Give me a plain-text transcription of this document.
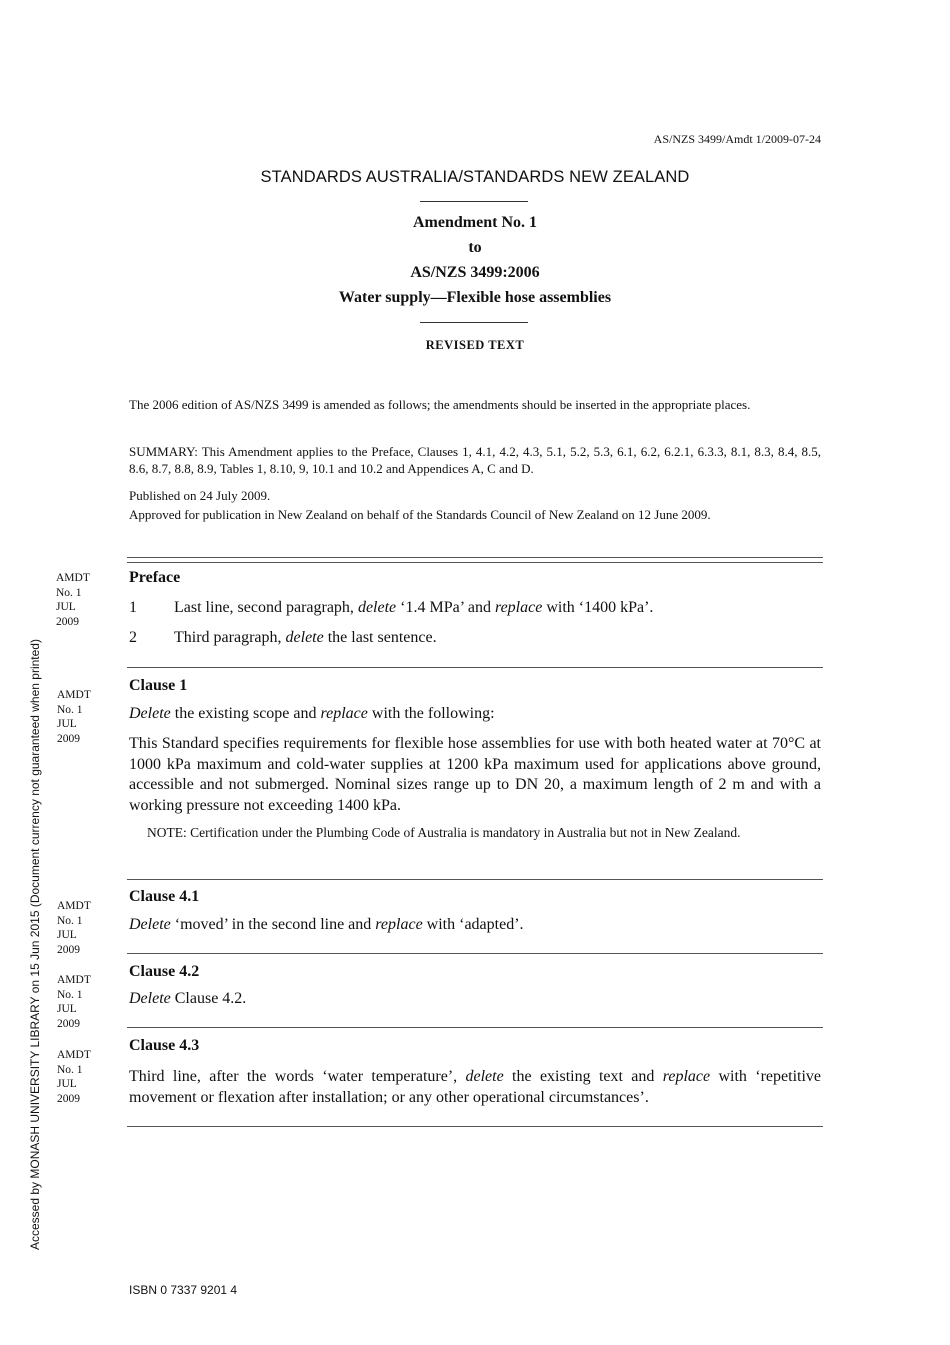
AS/NZS 3499/Amdt 1/2009-07-24
STANDARDS AUSTRALIA/STANDARDS NEW ZEALAND
Amendment No. 1
to
AS/NZS 3499:2006
Water supply—Flexible hose assemblies
REVISED TEXT
The 2006 edition of AS/NZS 3499 is amended as follows; the amendments should be inserted in the appropriate places.
SUMMARY: This Amendment applies to the Preface, Clauses 1, 4.1, 4.2, 4.3, 5.1, 5.2, 5.3, 6.1, 6.2, 6.2.1, 6.3.3, 8.1, 8.3, 8.4, 8.5, 8.6, 8.7, 8.8, 8.9, Tables 1, 8.10, 9, 10.1 and 10.2 and Appendices A, C and D.
Published on 24 July 2009.
Approved for publication in New Zealand on behalf of the Standards Council of New Zealand on 12 June 2009.
AMDT
No. 1
JUL
2009
Preface
1 Last line, second paragraph, delete ‘1.4 MPa’ and replace with ‘1400 kPa’.
2 Third paragraph, delete the last sentence.
AMDT
No. 1
JUL
2009
Clause 1
Delete the existing scope and replace with the following:
This Standard specifies requirements for flexible hose assemblies for use with both heated water at 70°C at 1000 kPa maximum and cold-water supplies at 1200 kPa maximum used for applications above ground, accessible and not submerged. Nominal sizes range up to DN 20, a maximum length of 2 m and with a working pressure not exceeding 1400 kPa.
NOTE: Certification under the Plumbing Code of Australia is mandatory in Australia but not in New Zealand.
AMDT
No. 1
JUL
2009
Clause 4.1
Delete ‘moved’ in the second line and replace with ‘adapted’.
AMDT
No. 1
JUL
2009
Clause 4.2
Delete Clause 4.2.
AMDT
No. 1
JUL
2009
Clause 4.3
Third line, after the words ‘water temperature’, delete the existing text and replace with ‘repetitive movement or flexation after installation; or any other operational circumstances’.
Accessed by MONASH UNIVERSITY LIBRARY on 15 Jun 2015 (Document currency not guaranteed when printed)
ISBN 0 7337 9201 4
